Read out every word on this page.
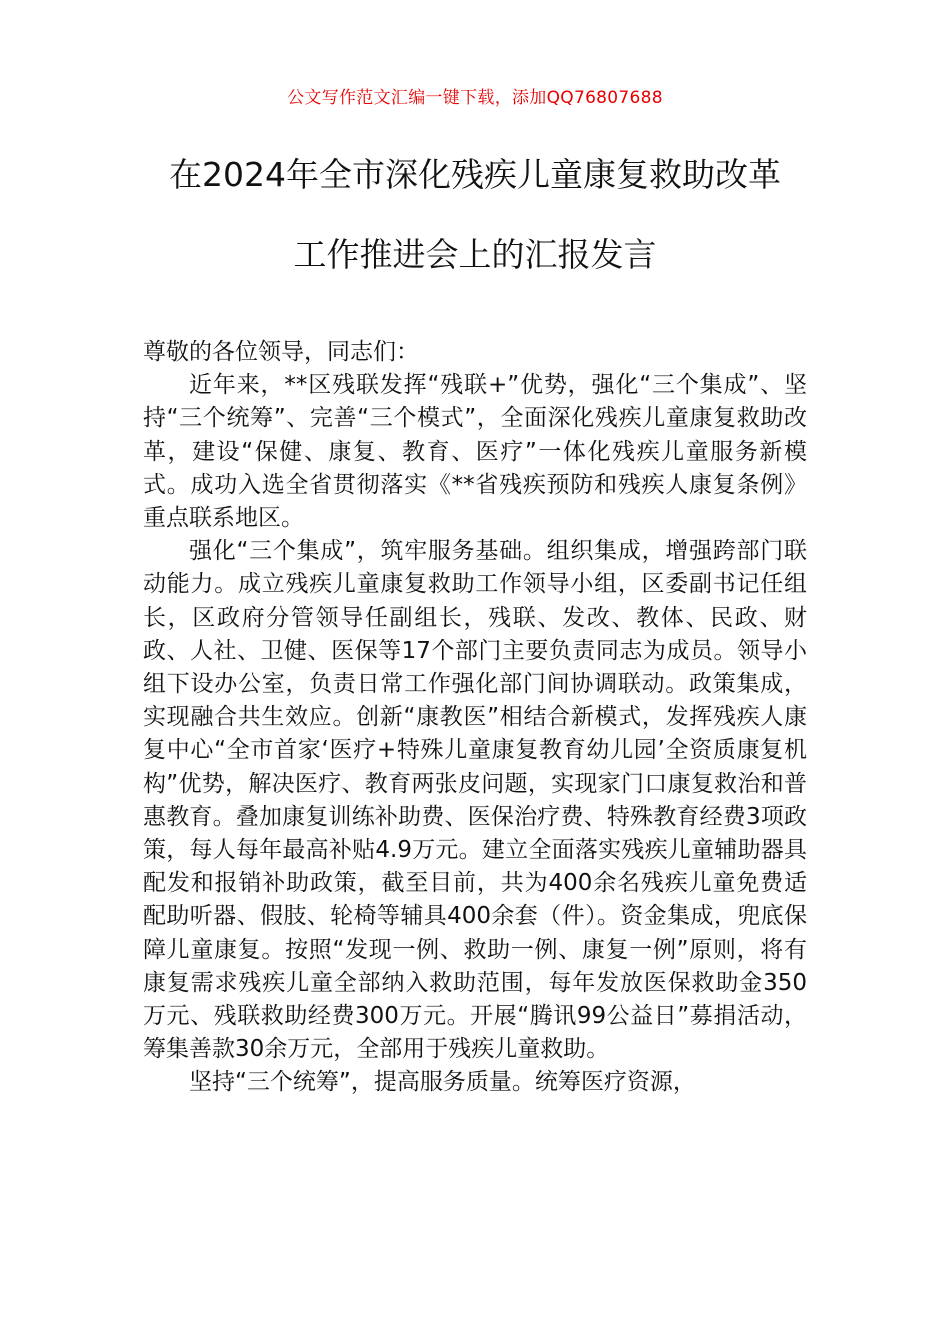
公文写作范文汇编一键下载，添加QQ76807688
在2024年全市深化残疾儿童康复救助改革
工作推进会上的汇报发言

尊敬的各位领导，同志们：

近年来，**区残联发挥“残联+”优势，强化“三个集成”、坚持“三个统筹”、完善“三个模式”，全面深化残疾儿童康复救助改革，建设“保健、康复、教育、医疗”一体化残疾儿童服务新模式。成功入选全省贯彻落实《**省残疾预防和残疾人康复条例》重点联系地区。

强化“三个集成”，筑牢服务基础。组织集成，增强跨部门联动能力。成立残疾儿童康复救助工作领导小组，区委副书记任组长，区政府分管领导任副组长，残联、发改、教体、民政、财政、人社、卫健、医保等17个部门主要负责同志为成员。领导小组下设办公室，负责日常工作强化部门间协调联动。政策集成，实现融合共生效应。创新“康教医”相结合新模式，发挥残疾人康复中心“全市首家‘医疗+特殊儿童康复教育幼儿园’全资质康复机构”优势，解决医疗、教育两张皮问题，实现家门口康复救治和普惠教育。叠加康复训练补助费、医保治疗费、特殊教育经费3项政策，每人每年最高补贴4.9万元。建立全面落实残疾儿童辅助器具配发和报销补助政策，截至目前，共为400余名残疾儿童免费适配助听器、假肢、轮椅等辅具400余套（件）。资金集成，兜底保障儿童康复。按照“发现一例、救助一例、康复一例”原则，将有康复需求残疾儿童全部纳入救助范围，每年发放医保救助金350万元、残联救助经费300万元。开展“腾讯99公益日”募捐活动，筹集善款30余万元，全部用于残疾儿童救助。

坚持“三个统筹”，提高服务质量。统筹医疗资源，
